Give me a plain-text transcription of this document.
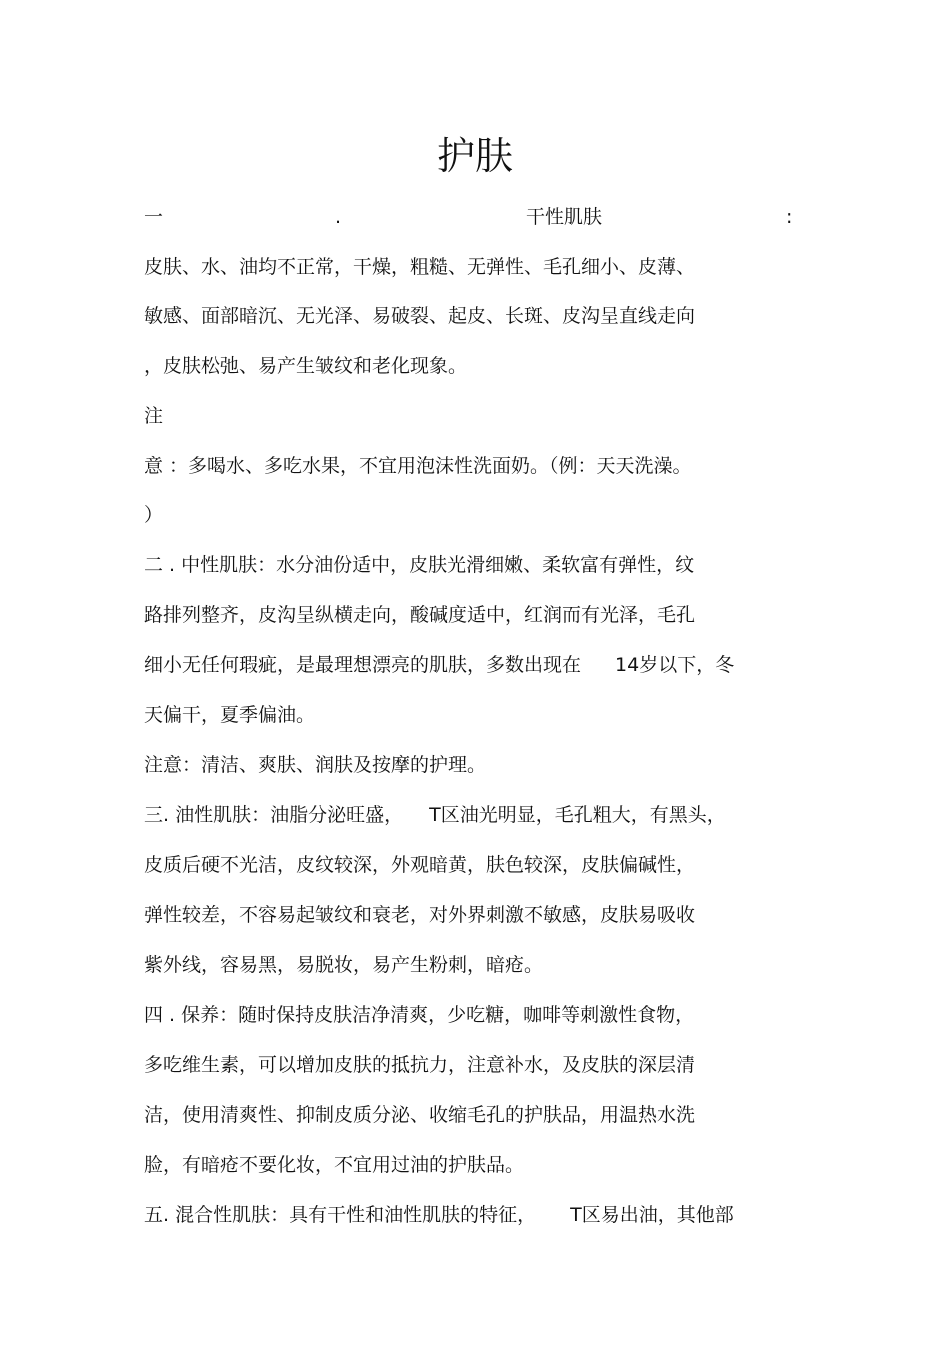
护肤
一	.	干性肌肤	:
皮肤、水、油均不正常，干燥，粗糙、无弹性、毛孔细小、皮薄、
敏感、面部暗沉、无光泽、易破裂、起皮、长斑、皮沟呈直线走向
，皮肤松弛、易产生皱纹和老化现象。
注
意 ：多喝水、多吃水果，不宜用泡沫性洗面奶。（例：天天洗澡。
）
二 . 中性肌肤：水分油份适中，皮肤光滑细嫩、柔软富有弹性，纹
路排列整齐，皮沟呈纵横走向，酸碱度适中，红润而有光泽，毛孔
细小无任何瑕疵，是最理想漂亮的肌肤，多数出现在 14岁以下，冬
天偏干，夏季偏油。
注意：清洁、爽肤、润肤及按摩的护理。
三. 油性肌肤：油脂分泌旺盛， T区油光明显，毛孔粗大，有黑头，
皮质后硬不光洁，皮纹较深，外观暗黄，肤色较深，皮肤偏碱性，
弹性较差，不容易起皱纹和衰老，对外界刺激不敏感，皮肤易吸收
紫外线，容易黑，易脱妆，易产生粉刺，暗疮。
四 . 保养：随时保持皮肤洁净清爽，少吃糖，咖啡等刺激性食物，
多吃维生素，可以增加皮肤的抵抗力，注意补水，及皮肤的深层清
洁，使用清爽性、抑制皮质分泌、收缩毛孔的护肤品，用温热水洗
脸，有暗疮不要化妆，不宜用过油的护肤品。
五. 混合性肌肤：具有干性和油性肌肤的特征， T区易出油，其他部
